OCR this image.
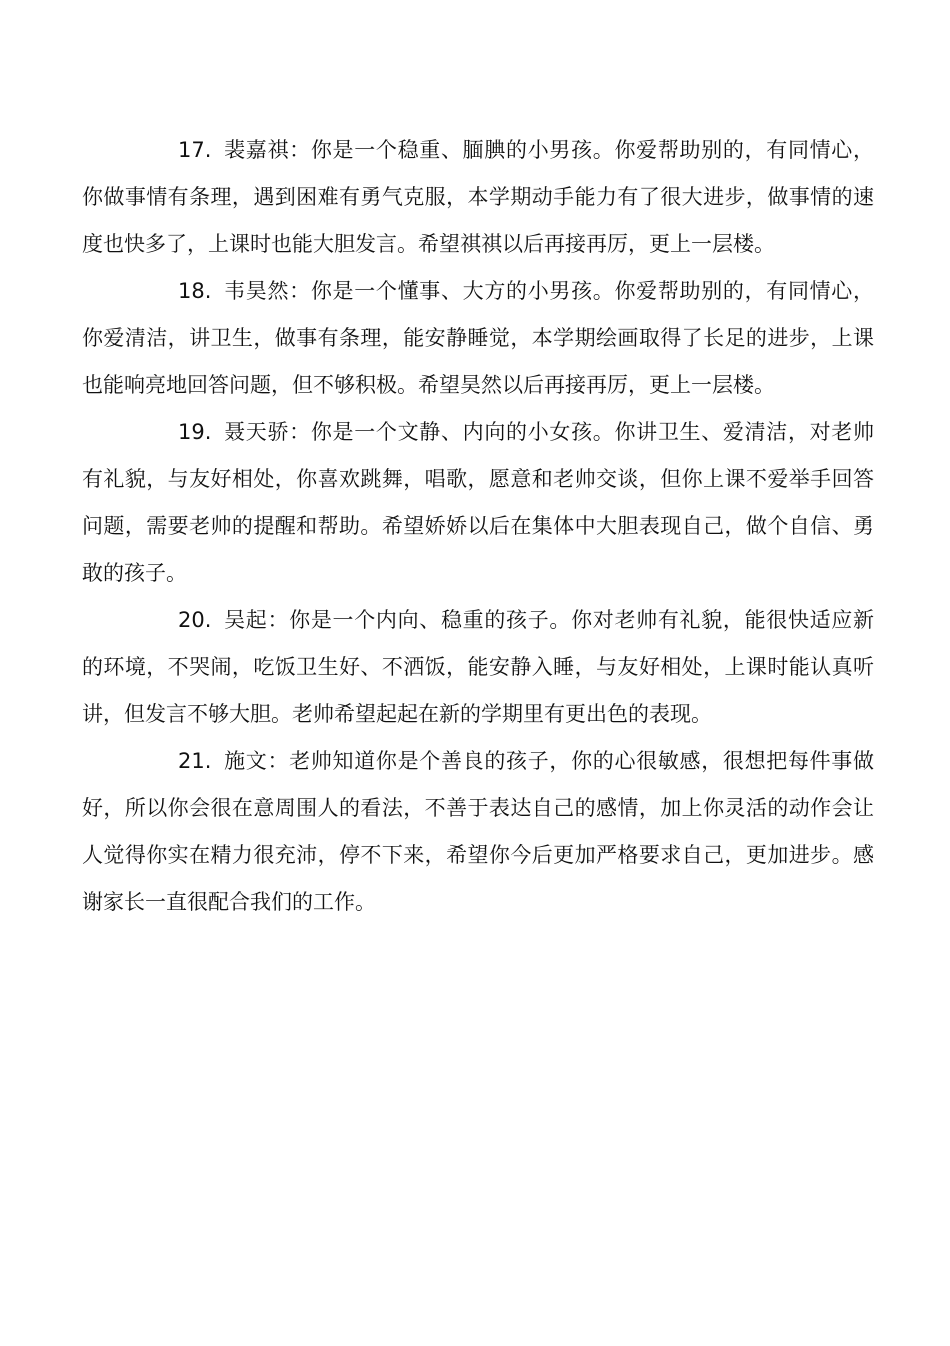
17. 裴嘉祺：你是一个稳重、腼腆的小男孩。你爱帮助别的，有同情心，你做事情有条理，遇到困难有勇气克服，本学期动手能力有了很大进步，做事情的速度也快多了，上课时也能大胆发言。希望祺祺以后再接再厉，更上一层楼。

18. 韦昊然：你是一个懂事、大方的小男孩。你爱帮助别的，有同情心，你爱清洁，讲卫生，做事有条理，能安静睡觉，本学期绘画取得了长足的进步，上课也能响亮地回答问题，但不够积极。希望昊然以后再接再厉，更上一层楼。

19. 聂天骄：你是一个文静、内向的小女孩。你讲卫生、爱清洁，对老帅有礼貌，与友好相处，你喜欢跳舞，唱歌，愿意和老帅交谈，但你上课不爱举手回答问题，需要老帅的提醒和帮助。希望娇娇以后在集体中大胆表现自己，做个自信、勇敢的孩子。

20. 吴起：你是一个内向、稳重的孩子。你对老帅有礼貌，能很快适应新的环境，不哭闹，吃饭卫生好、不洒饭，能安静入睡，与友好相处，上课时能认真听讲，但发言不够大胆。老帅希望起起在新的学期里有更出色的表现。

21. 施文：老帅知道你是个善良的孩子，你的心很敏感，很想把每件事做好，所以你会很在意周围人的看法，不善于表达自己的感情，加上你灵活的动作会让人觉得你实在精力很充沛，停不下来，希望你今后更加严格要求自己，更加进步。感谢家长一直很配合我们的工作。
